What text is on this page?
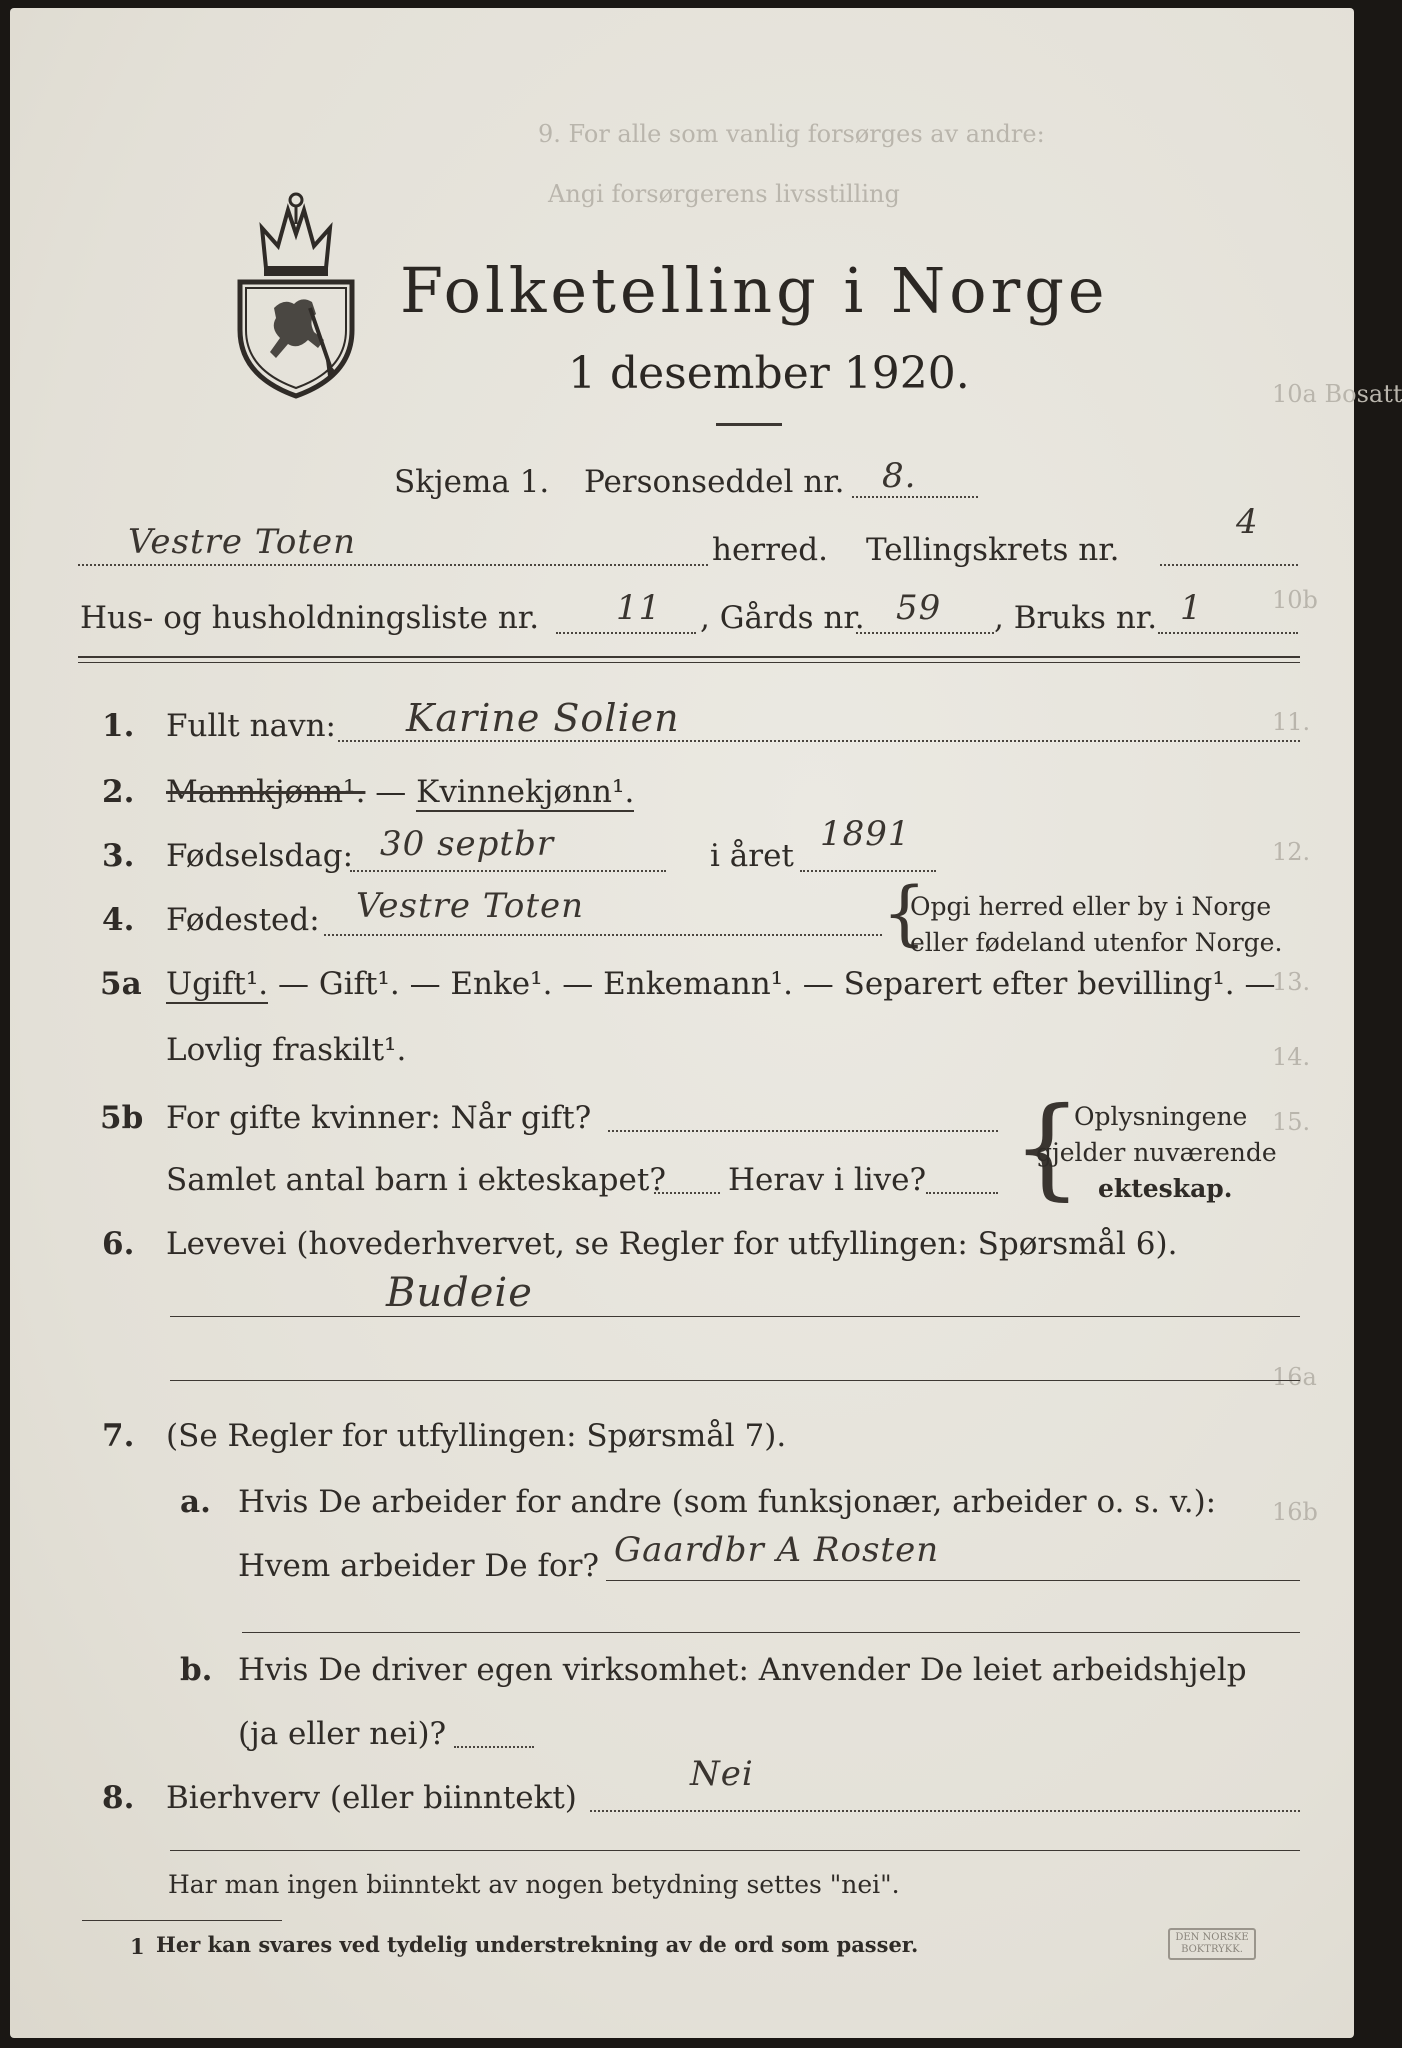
9. For alle som vanlig forsørges av andre:
Angi forsørgerens livsstilling
10a Bosatt
10b
11.
12.
13.
14.
15.
16a
16b
Folketelling i Norge
1 desember 1920.
Skjema 1. Personseddel nr. 8.
Vestre Toten	herred. Tellingskrets nr.
4
Hus- og husholdningsliste nr. 11 , Gårds nr. 59 , Bruks nr. 1
1. Fullt navn: Karine Solien
2. Mannkjønn¹. — Kvinnekjønn¹.
3. Fødselsdag: 30 septbr	i året
1891
4. Fødested: Vestre Toten	{
Opgi herred eller by i Norge
eller fødeland utenfor Norge.
5a Ugift¹. — Gift¹. — Enke¹. — Enkemann¹. — Separert efter bevilling¹. —
Lovlig fraskilt¹.
5b For gifte kvinner: Når gift?
Samlet antal barn i ekteskapet? Herav i live? {
Oplysningene
gjelder nuværende
ekteskap.
6. Levevei (hovederhvervet, se Regler for utfyllingen: Spørsmål 6).
Budeie
7. (Se Regler for utfyllingen: Spørsmål 7).
a. Hvis De arbeider for andre (som funksjonær, arbeider o. s. v.):
Hvem arbeider De for? Gaardbr A Rosten
b. Hvis De driver egen virksomhet: Anvender De leiet arbeidshjelp
(ja eller nei)?
8. Bierhverv (eller biinntekt)
Nei
Har man ingen biinntekt av nogen betydning settes "nei".
1 Her kan svares ved tydelig understrekning av de ord som passer.	DEN NORSKE BOKTRYKK.
